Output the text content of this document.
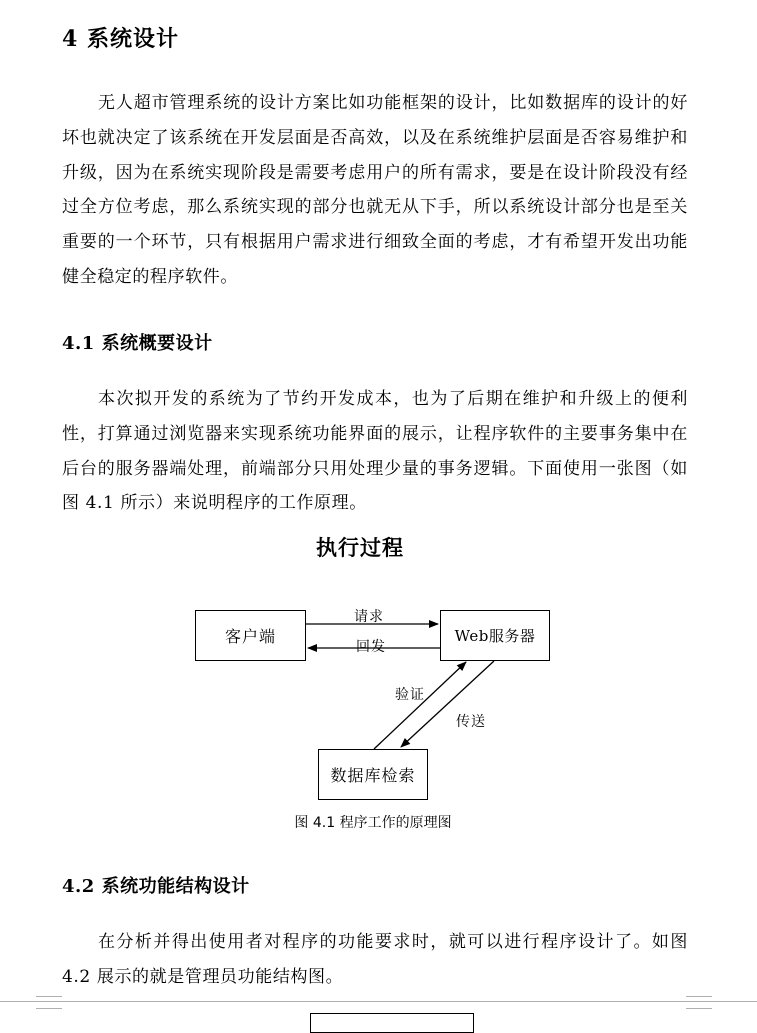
4 系统设计

无人超市管理系统的设计方案比如功能框架的设计，比如数据库的设计的好坏也就决定了该系统在开发层面是否高效，以及在系统维护层面是否容易维护和升级，因为在系统实现阶段是需要考虑用户的所有需求，要是在设计阶段没有经过全方位考虑，那么系统实现的部分也就无从下手，所以系统设计部分也是至关重要的一个环节，只有根据用户需求进行细致全面的考虑，才有希望开发出功能健全稳定的程序软件。

4.1 系统概要设计

本次拟开发的系统为了节约开发成本，也为了后期在维护和升级上的便利性，打算通过浏览器来实现系统功能界面的展示，让程序软件的主要事务集中在后台的服务器端处理，前端部分只用处理少量的事务逻辑。下面使用一张图（如图 4.1 所示）来说明程序的工作原理。

执行过程
客户端	Web服务器
数据库检索
请求
回发
验证
传送
图 4.1 程序工作的原理图
4.2 系统功能结构设计

在分析并得出使用者对程序的功能要求时，就可以进行程序设计了。如图 4.2 展示的就是管理员功能结构图。
